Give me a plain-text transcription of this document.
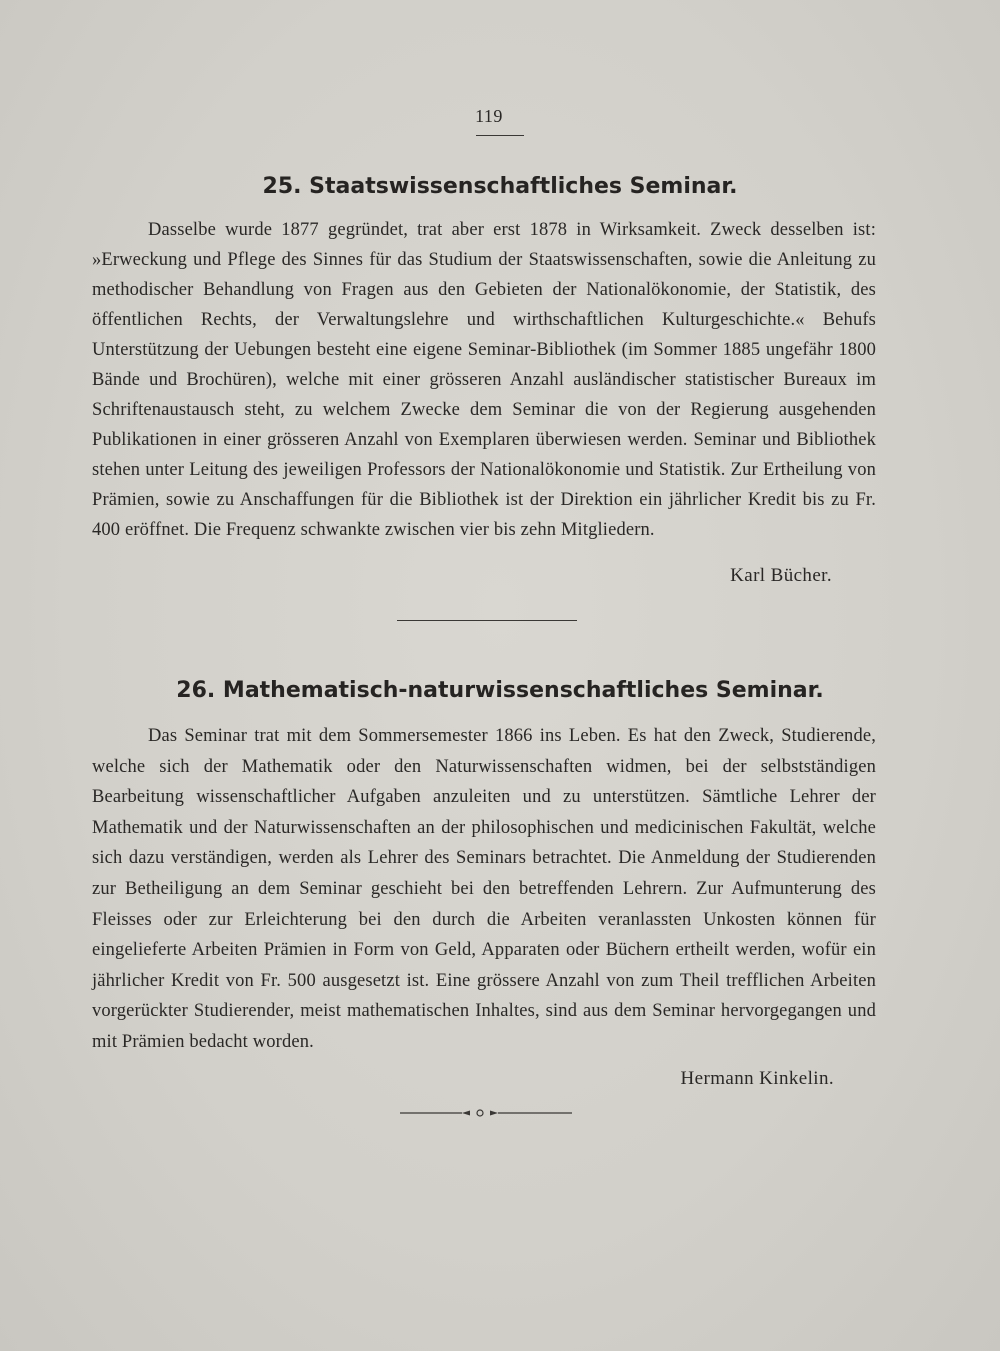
119
25. Staatswissenschaftliches Seminar.

Dasselbe wurde 1877 gegründet, trat aber erst 1878 in Wirksamkeit. Zweck desselben ist: »Erweckung und Pflege des Sinnes für das Studium der Staatswissenschaften, sowie die Anleitung zu methodischer Behandlung von Fragen aus den Gebieten der Nationalökonomie, der Statistik, des öffentlichen Rechts, der Verwaltungslehre und wirthschaftlichen Kulturgeschichte.« Behufs Unterstützung der Uebungen besteht eine eigene Seminar-Bibliothek (im Sommer 1885 ungefähr 1800 Bände und Brochüren), welche mit einer grösseren Anzahl ausländischer statistischer Bureaux im Schriftenaustausch steht, zu welchem Zwecke dem Seminar die von der Regierung ausgehenden Publikationen in einer grösseren Anzahl von Exemplaren überwiesen werden. Seminar und Bibliothek stehen unter Leitung des jeweiligen Professors der Nationalökonomie und Statistik. Zur Ertheilung von Prämien, sowie zu Anschaffungen für die Bibliothek ist der Direktion ein jährlicher Kredit bis zu Fr. 400 eröffnet. Die Frequenz schwankte zwischen vier bis zehn Mitgliedern.

Karl Bücher.
26. Mathematisch-naturwissenschaftliches Seminar.

Das Seminar trat mit dem Sommersemester 1866 ins Leben. Es hat den Zweck, Studierende, welche sich der Mathematik oder den Naturwissenschaften widmen, bei der selbstständigen Bearbeitung wissenschaftlicher Aufgaben anzuleiten und zu unterstützen. Sämtliche Lehrer der Mathematik und der Naturwissenschaften an der philosophischen und medicinischen Fakultät, welche sich dazu verständigen, werden als Lehrer des Seminars betrachtet. Die Anmeldung der Studierenden zur Betheiligung an dem Seminar geschieht bei den betreffenden Lehrern. Zur Aufmunterung des Fleisses oder zur Erleichterung bei den durch die Arbeiten veranlassten Unkosten können für eingelieferte Arbeiten Prämien in Form von Geld, Apparaten oder Büchern ertheilt werden, wofür ein jährlicher Kredit von Fr. 500 ausgesetzt ist. Eine grössere Anzahl von zum Theil trefflichen Arbeiten vorgerückter Studierender, meist mathematischen Inhaltes, sind aus dem Seminar hervorgegangen und mit Prämien bedacht worden.

Hermann Kinkelin.
